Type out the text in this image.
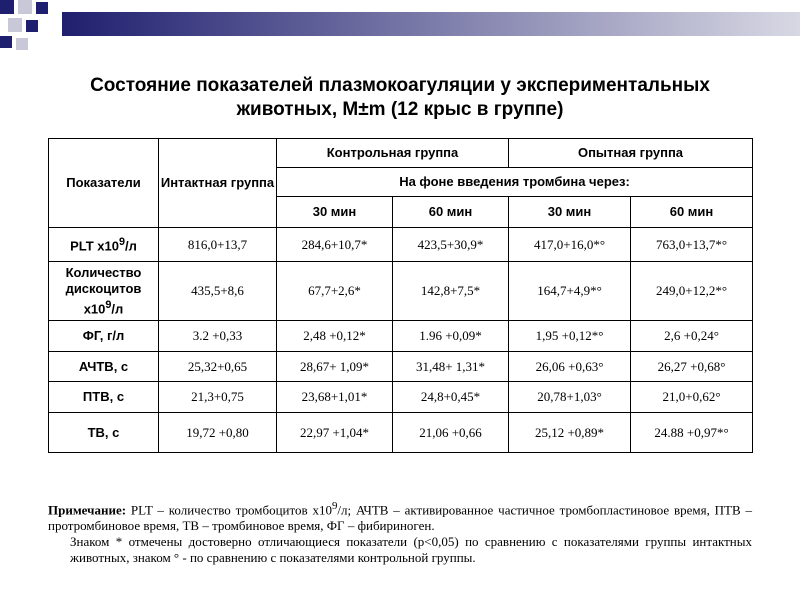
Состояние показателей плазмокоагуляции у экспериментальных
животных, M±m (12 крыс в группе)
Показатели	Интактная группа	Контрольная группа		Опытная группа	
		На фоне введения тромбина через:			
		30 мин	60 мин	30 мин	60 мин
PLT $x10^9/л$	816,0+13,7	284,6+10,7*	423,5+30,9*	417,0+16,0*°	763,0+13,7*°
Количество дискоцитов $x10^9/л$	435,5+8,6	67,7+2,6*	142,8+7,5*	164,7+4,9*°	249,0+12,2*°
ФГ, г/л	3.2 +0,33	2,48 +0,12*	1.96 +0,09*	1,95 +0,12*°	2,6 +0,24°
АЧТВ, с	25,32+0,65	28,67+ 1,09*	31,48+ 1,31*	26,06 +0,63°	26,27 +0,68°
ПТВ, с	21,3+0,75	23,68+1,01*	24,8+0,45*	20,78+1,03°	21,0+0,62°
ТВ, с	19,72 +0,80	22,97 +1,04*	21,06 +0,66	25,12 +0,89*	24.88 +0,97*°

Примечание: PLT – количество тромбоцитов $x10^9/л$; АЧТВ – активированное частичное тромбопластиновое время, ПТВ – протромбиновое время, ТВ – тромбиновое время, ФГ – фибириноген.

Знаком * отмечены достоверно отличающиеся показатели (p<0,05) по сравнению с показателями группы интактных животных, знаком ° - по сравнению с показателями контрольной группы.
